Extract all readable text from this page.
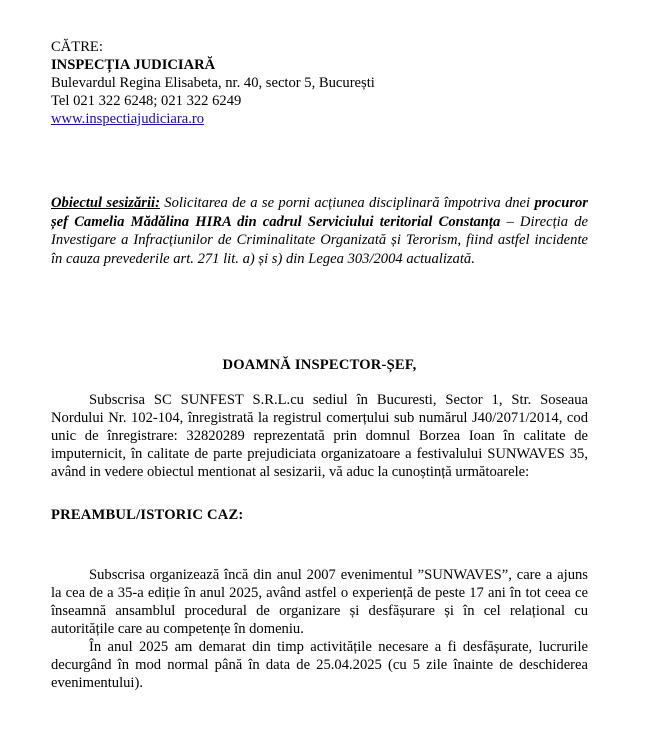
CĂTRE:
INSPECȚIA JUDICIARĂ
Bulevardul Regina Elisabeta, nr. 40, sector 5, București
Tel 021 322 6248; 021 322 6249
www.inspectiajudiciara.ro
Obiectul sesizării: Solicitarea de a se porni acțiunea disciplinară împotriva dnei procuror șef Camelia Mădălina HIRA din cadrul Serviciului teritorial Constanța – Direcția de Investigare a Infracțiunilor de Criminalitate Organizată și Terorism, fiind astfel incidente în cauza prevederile art. 271 lit. a) și s) din Legea 303/2004 actualizată.
DOAMNĂ INSPECTOR-ȘEF,
Subscrisa SC SUNFEST S.R.L.cu sediul în Bucuresti, Sector 1, Str. Soseaua Nordului Nr. 102-104, înregistrată la registrul comerțului sub numărul J40/2071/2014, cod unic de înregistrare: 32820289 reprezentată prin domnul Borzea Ioan în calitate de imputernicit, în calitate de parte prejudiciata organizatoare a festivalului SUNWAVES 35, având in vedere obiectul mentionat al sesizarii, vă aduc la cunoștință următoarele:
PREAMBUL/ISTORIC CAZ:
Subscrisa organizează încă din anul 2007 evenimentul ”SUNWAVES”, care a ajuns la cea de a 35-a ediție în anul 2025, având astfel o experiență de peste 17 ani în tot ceea ce înseamnă ansamblul procedural de organizare și desfășurare și în cel relațional cu autoritățile care au competențe în domeniu.
În anul 2025 am demarat din timp activitățile necesare a fi desfășurate, lucrurile decurgând în mod normal până în data de 25.04.2025 (cu 5 zile înainte de deschiderea evenimentului).
